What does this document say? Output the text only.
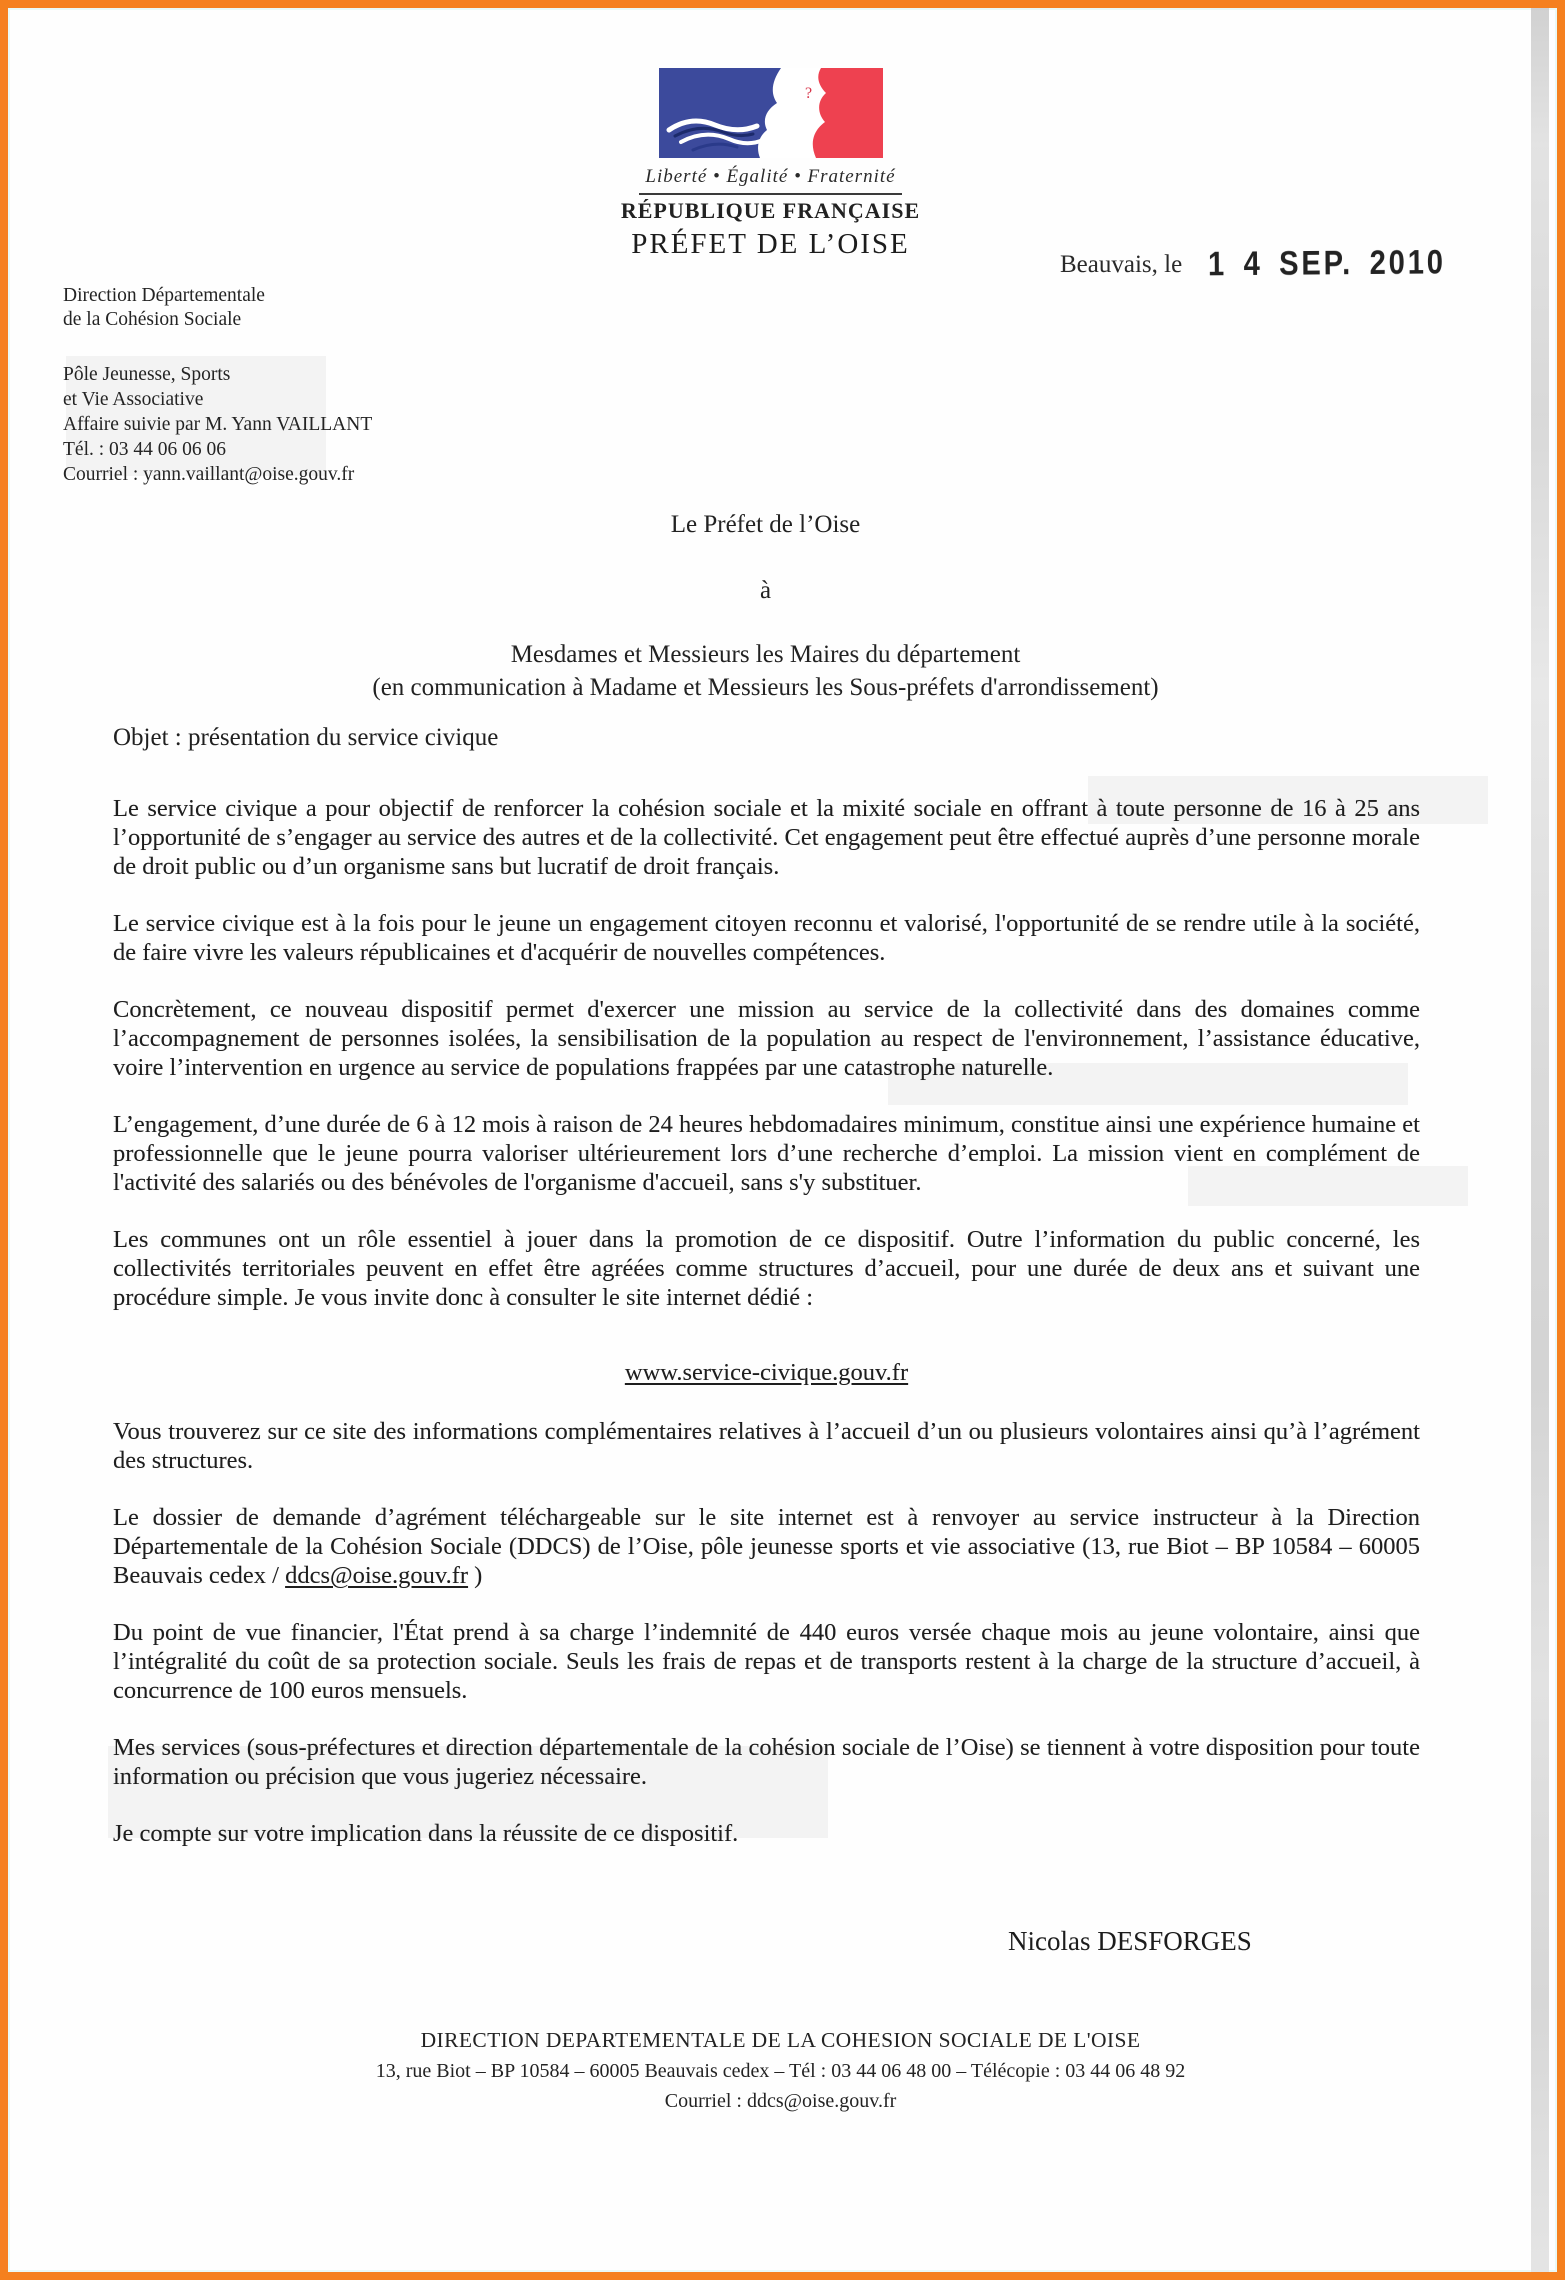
?
Liberté • Égalité • Fraternité
RÉPUBLIQUE FRANÇAISE
PRÉFET DE L’OISE
Beauvais, le 1 4 SEP. 2010
Direction Départementale
de la Cohésion Sociale
Pôle Jeunesse, Sports
et Vie Associative
Affaire suivie par M. Yann VAILLANT
Tél. : 03 44 06 06 06
Courriel : yann.vaillant@oise.gouv.fr
Le Préfet de l’Oise
à
Mesdames et Messieurs les Maires du département
(en communication à Madame et Messieurs les Sous-préfets d'arrondissement)
Objet : présentation du service civique

Le service civique a pour objectif de renforcer la cohésion sociale et la mixité sociale en offrant à toute personne de 16 à 25 ans l’opportunité de s’engager au service des autres et de la collectivité. Cet engagement peut être effectué auprès d’une personne morale de droit public ou d’un organisme sans but lucratif de droit français.

Le service civique est à la fois pour le jeune un engagement citoyen reconnu et valorisé, l'opportunité de se rendre utile à la société, de faire vivre les valeurs républicaines et d'acquérir de nouvelles compétences.

Concrètement, ce nouveau dispositif permet d'exercer une mission au service de la collectivité dans des domaines comme l’accompagnement de personnes isolées, la sensibilisation de la population au respect de l'environnement, l’assistance éducative, voire l’intervention en urgence au service de populations frappées par une catastrophe naturelle.

L’engagement, d’une durée de 6 à 12 mois à raison de 24 heures hebdomadaires minimum, constitue ainsi une expérience humaine et professionnelle que le jeune pourra valoriser ultérieurement lors d’une recherche d’emploi. La mission vient en complément de l'activité des salariés ou des bénévoles de l'organisme d'accueil, sans s'y substituer.

Les communes ont un rôle essentiel à jouer dans la promotion de ce dispositif. Outre l’information du public concerné, les collectivités territoriales peuvent en effet être agréées comme structures d’accueil, pour une durée de deux ans et suivant une procédure simple. Je vous invite donc à consulter le site internet dédié :

www.service-civique.gouv.fr

Vous trouverez sur ce site des informations complémentaires relatives à l’accueil d’un ou plusieurs volontaires ainsi qu’à l’agrément des structures.

Le dossier de demande d’agrément téléchargeable sur le site internet est à renvoyer au service instructeur à la Direction Départementale de la Cohésion Sociale (DDCS) de l’Oise, pôle jeunesse sports et vie associative (13, rue Biot – BP 10584 – 60005 Beauvais cedex / ddcs@oise.gouv.fr )

Du point de vue financier, l'État prend à sa charge l’indemnité de 440 euros versée chaque mois au jeune volontaire, ainsi que l’intégralité du coût de sa protection sociale. Seuls les frais de repas et de transports restent à la charge de la structure d’accueil, à concurrence de 100 euros mensuels.

Mes services (sous-préfectures et direction départementale de la cohésion sociale de l’Oise) se tiennent à votre disposition pour toute information ou précision que vous jugeriez nécessaire.

Je compte sur votre implication dans la réussite de ce dispositif.

Nicolas DESFORGES
DIRECTION DEPARTEMENTALE DE LA COHESION SOCIALE DE L'OISE
13, rue Biot – BP 10584 – 60005 Beauvais cedex – Tél : 03 44 06 48 00 – Télécopie : 03 44 06 48 92
Courriel : ddcs@oise.gouv.fr
